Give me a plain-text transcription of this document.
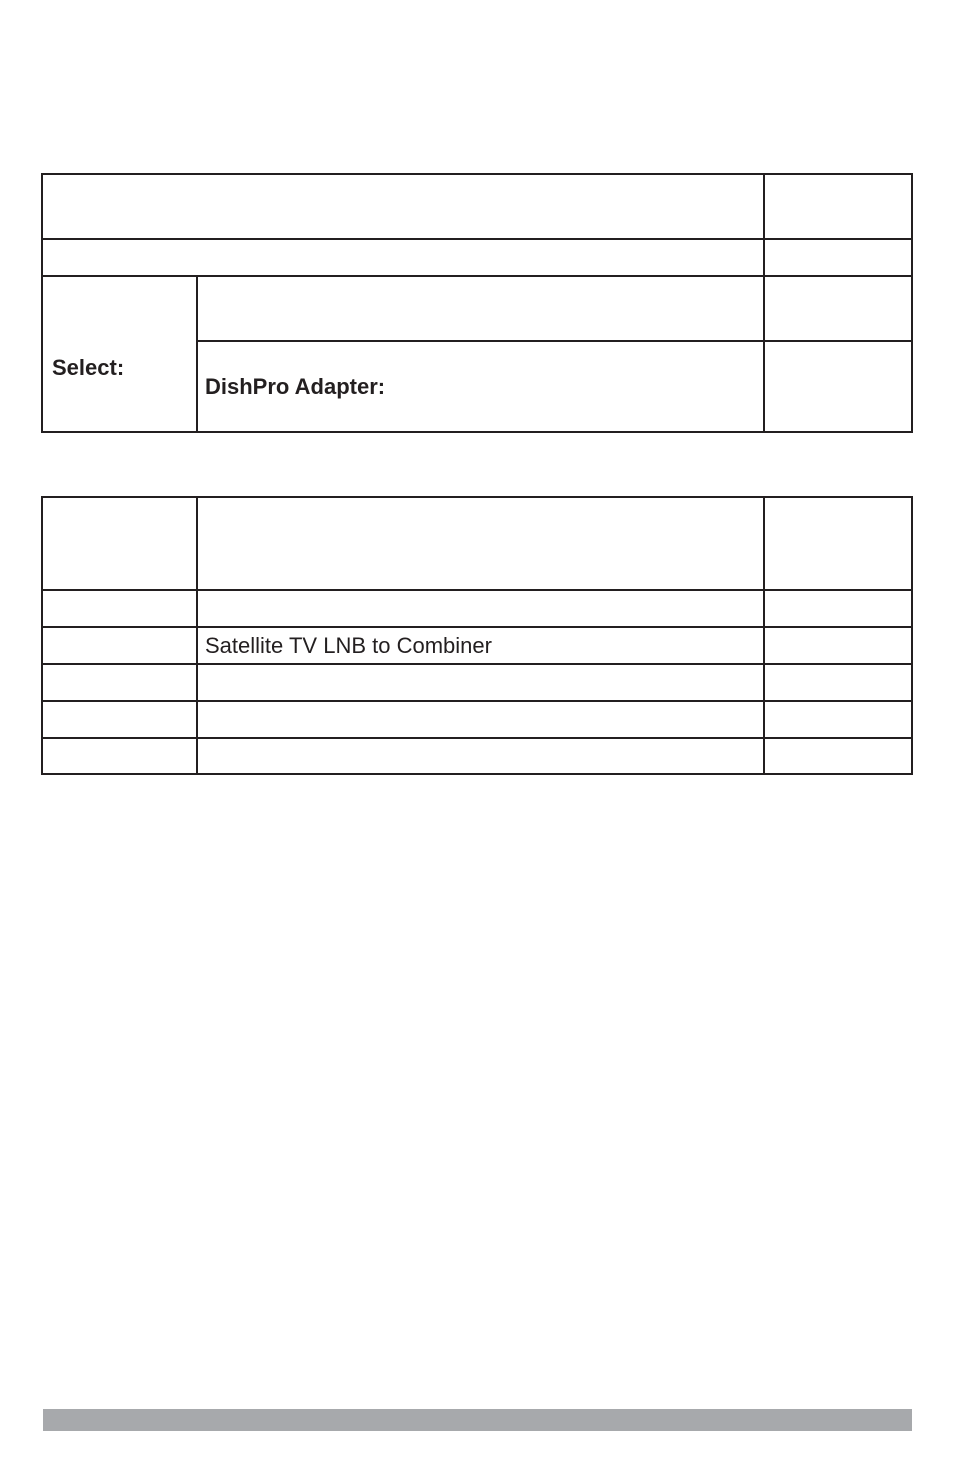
Select:
DishPro Adapter:
Satellite TV LNB to Combiner
